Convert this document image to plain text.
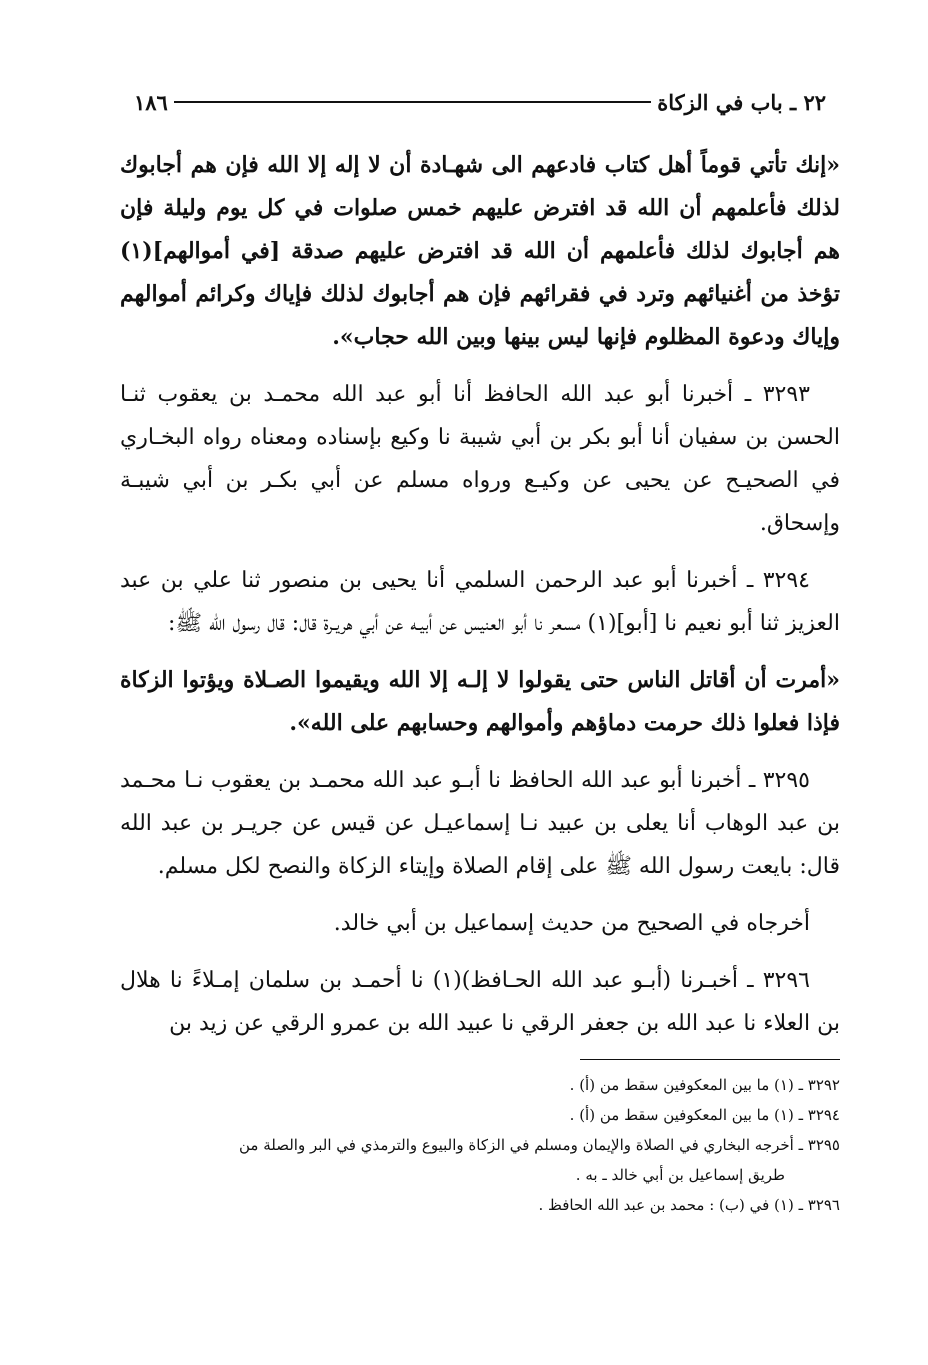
٢٢ ـ باب في الزكاة
١٨٦

«إنك تأتي قوماً أهل كتاب فادعهم الى شهـادة أن لا إله إلا الله فإن هم أجابوك لذلك فأعلمهم أن الله قد افترض عليهم خمس صلوات في كل يوم وليلة فإن هم أجابوك لذلك فأعلمهم أن الله قد افترض عليهم صدقة [في أموالهم](١) تؤخذ من أغنيائهم وترد في فقرائهم فإن هم أجابوك لذلك فإياك وكرائم أموالهم وإياك ودعوة المظلوم فإنها ليس بينها وبين الله حجاب».

٣٢٩٣ ـ أخبرنا أبو عبد الله الحافظ أنا أبو عبد الله محمـد بن يعقوب ثنـا الحسن بن سفيان أنا أبو بكر بن أبي شيبة نا وكيع بإسناده ومعناه رواه البخـاري في الصحيـح عن يحيى عن وكيـع ورواه مسلم عن أبي بكـر بن أبي شيبـة وإسحاق.

٣٢٩٤ ـ أخبرنا أبو عبد الرحمن السلمي أنا يحيى بن منصور ثنا علي بن عبد العزيز ثنا أبو نعيم نا [أبو](١) مسعر نا أبو العنيس عن أبيـه عن أبي هريـرة قال: قال رسول الله ﷺ:

«أمرت أن أقاتل الناس حتى يقولوا لا إلـه إلا الله ويقيموا الصـلاة ويؤتوا الزكاة فإذا فعلوا ذلك حرمت دماؤهم وأموالهم وحسابهم على الله».

٣٢٩٥ ـ أخبرنا أبو عبد الله الحافظ نا أبـو عبد الله محمـد بن يعقوب نـا محـمد بن عبد الوهاب أنا يعلى بن عبيد نـا إسماعيـل عن قيس عن جريـر بن عبد الله قال: بايعت رسول الله ﷺ على إقام الصلاة وإيتاء الزكاة والنصح لكل مسلم.

أخرجاه في الصحيح من حديث إسماعيل بن أبي خالد.

٣٢٩٦ ـ أخبـرنا (أبـو عبد الله الحـافظ)(١) نا أحمـد بن سلمان إمـلاءً نا هلال بن العلاء نا عبد الله بن جعفر الرقي نا عبيد الله بن عمرو الرقي عن زيد بن

٣٢٩٢ ـ (١) ما بين المعكوفين سقط من (أ) .

٣٢٩٤ ـ (١) ما بين المعكوفين سقط من (أ) .

٣٢٩٥ ـ أخرجه البخاري في الصلاة والإيمان ومسلم في الزكاة والبيوع والترمذي في البر والصلة من

طريق إسماعيل بن أبي خالد ـ به .

٣٢٩٦ ـ (١) في (ب) : محمد بن عبد الله الحافظ .
